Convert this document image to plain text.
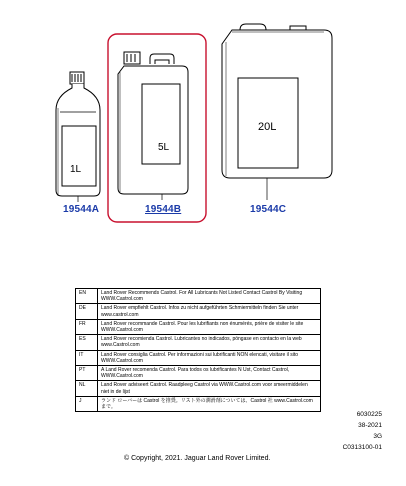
1L
5L
20L
19544A	19544B	19544C
EN	Land Rover Recommends Castrol. For All Lubricants Not Listed Contact Castrol By Visiting WWW.Castrol.com
DE	Land Rover empfiehlt Castrol. Infos zu nicht aufgeführten Schmiermitteln finden Sie unter www.castrol.com
FR	Land Rover recommande Castrol. Pour les lubrifiants non énumérés, prière de visiter le site WWW.Castrol.com
ES	Land Rover recomienda Castrol. Lubricantes no indicados, póngase en contacto en la web www.Castrol.com
IT	Land Rover consiglia Castrol. Per informazioni sui lubrificanti NON elencati, visitare il sito WWW.Castrol.com
PT	A Land Rover recomenda Castrol. Para todos os lubrificantes N Ust, Contact Castrol, WWW.Castrol.com
NL	Land Rover adviseert Castrol. Raadpleeg Castrol via WWW.Castrol.com voor smeermiddelen niet in de lijst
J	ランド ローバーは Castrol を推奨。リスト外の潤滑剤については、Castrol 社 www.Castrol.com まで。
6030225
38-2021
3G
C0313100-01
© Copyright, 2021. Jaguar Land Rover Limited.
